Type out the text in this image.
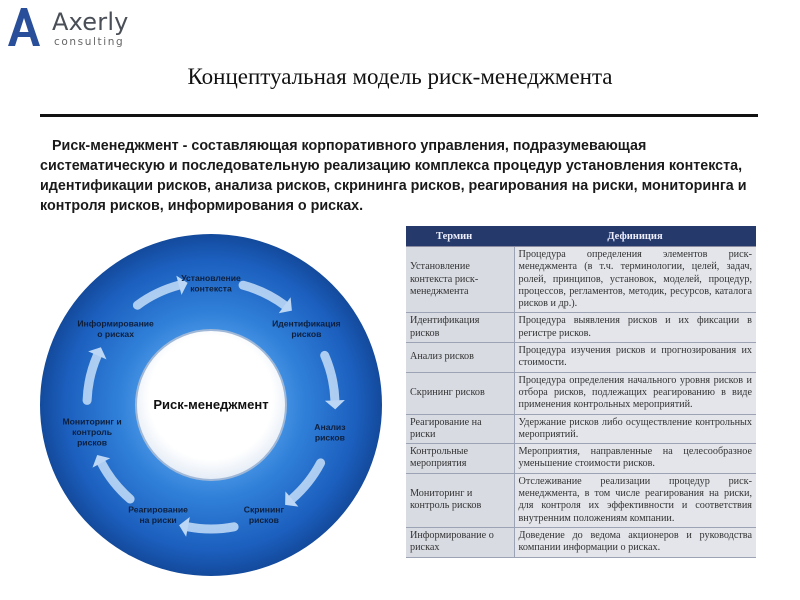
Axerly
consulting
Концептуальная модель риск-менеджмента

Риск-менеджмент - составляющая корпоративного управления, подразумевающая систематическую и последовательную реализацию комплекса процедур установления контекста, идентификации рисков, анализа рисков, скрининга рисков, реагирования на риски, мониторинга и контроля рисков, информирования о рисках.

Установление контекста
Идентификация рисков
Анализ рисков
Скрининг рисков
Реагирование на риски
Мониторинг и контроль рисков
Информирование о рисках
Риск-менеджмент
Термин	Дефиниция
Установление контекста риск-менеджмента	Процедура определения элементов риск-менеджмента (в т.ч. терминологии, целей, задач, ролей, принципов, установок, моделей, процедур, процессов, регламентов, методик, ресурсов, каталога рисков и др.).
Идентификация рисков	Процедура выявления рисков и их фиксации в регистре рисков.
Анализ рисков	Процедура изучения рисков и прогнозирования их стоимости.
Скрининг рисков	Процедура определения начального уровня рисков и отбора рисков, подлежащих реагированию в виде применения контрольных мероприятий.
Реагирование на риски	Удержание рисков либо осуществление контрольных мероприятий.
Контрольные мероприятия	Мероприятия, направленные на целесообразное уменьшение стоимости рисков.
Мониторинг и контроль рисков	Отслеживание реализации процедур риск-менеджмента, в том числе реагирования на риски, для контроля их эффективности и соответствия внутренним положениям компании.
Информирование о рисках	Доведение до ведома акционеров и руководства компании информации о рисках.
